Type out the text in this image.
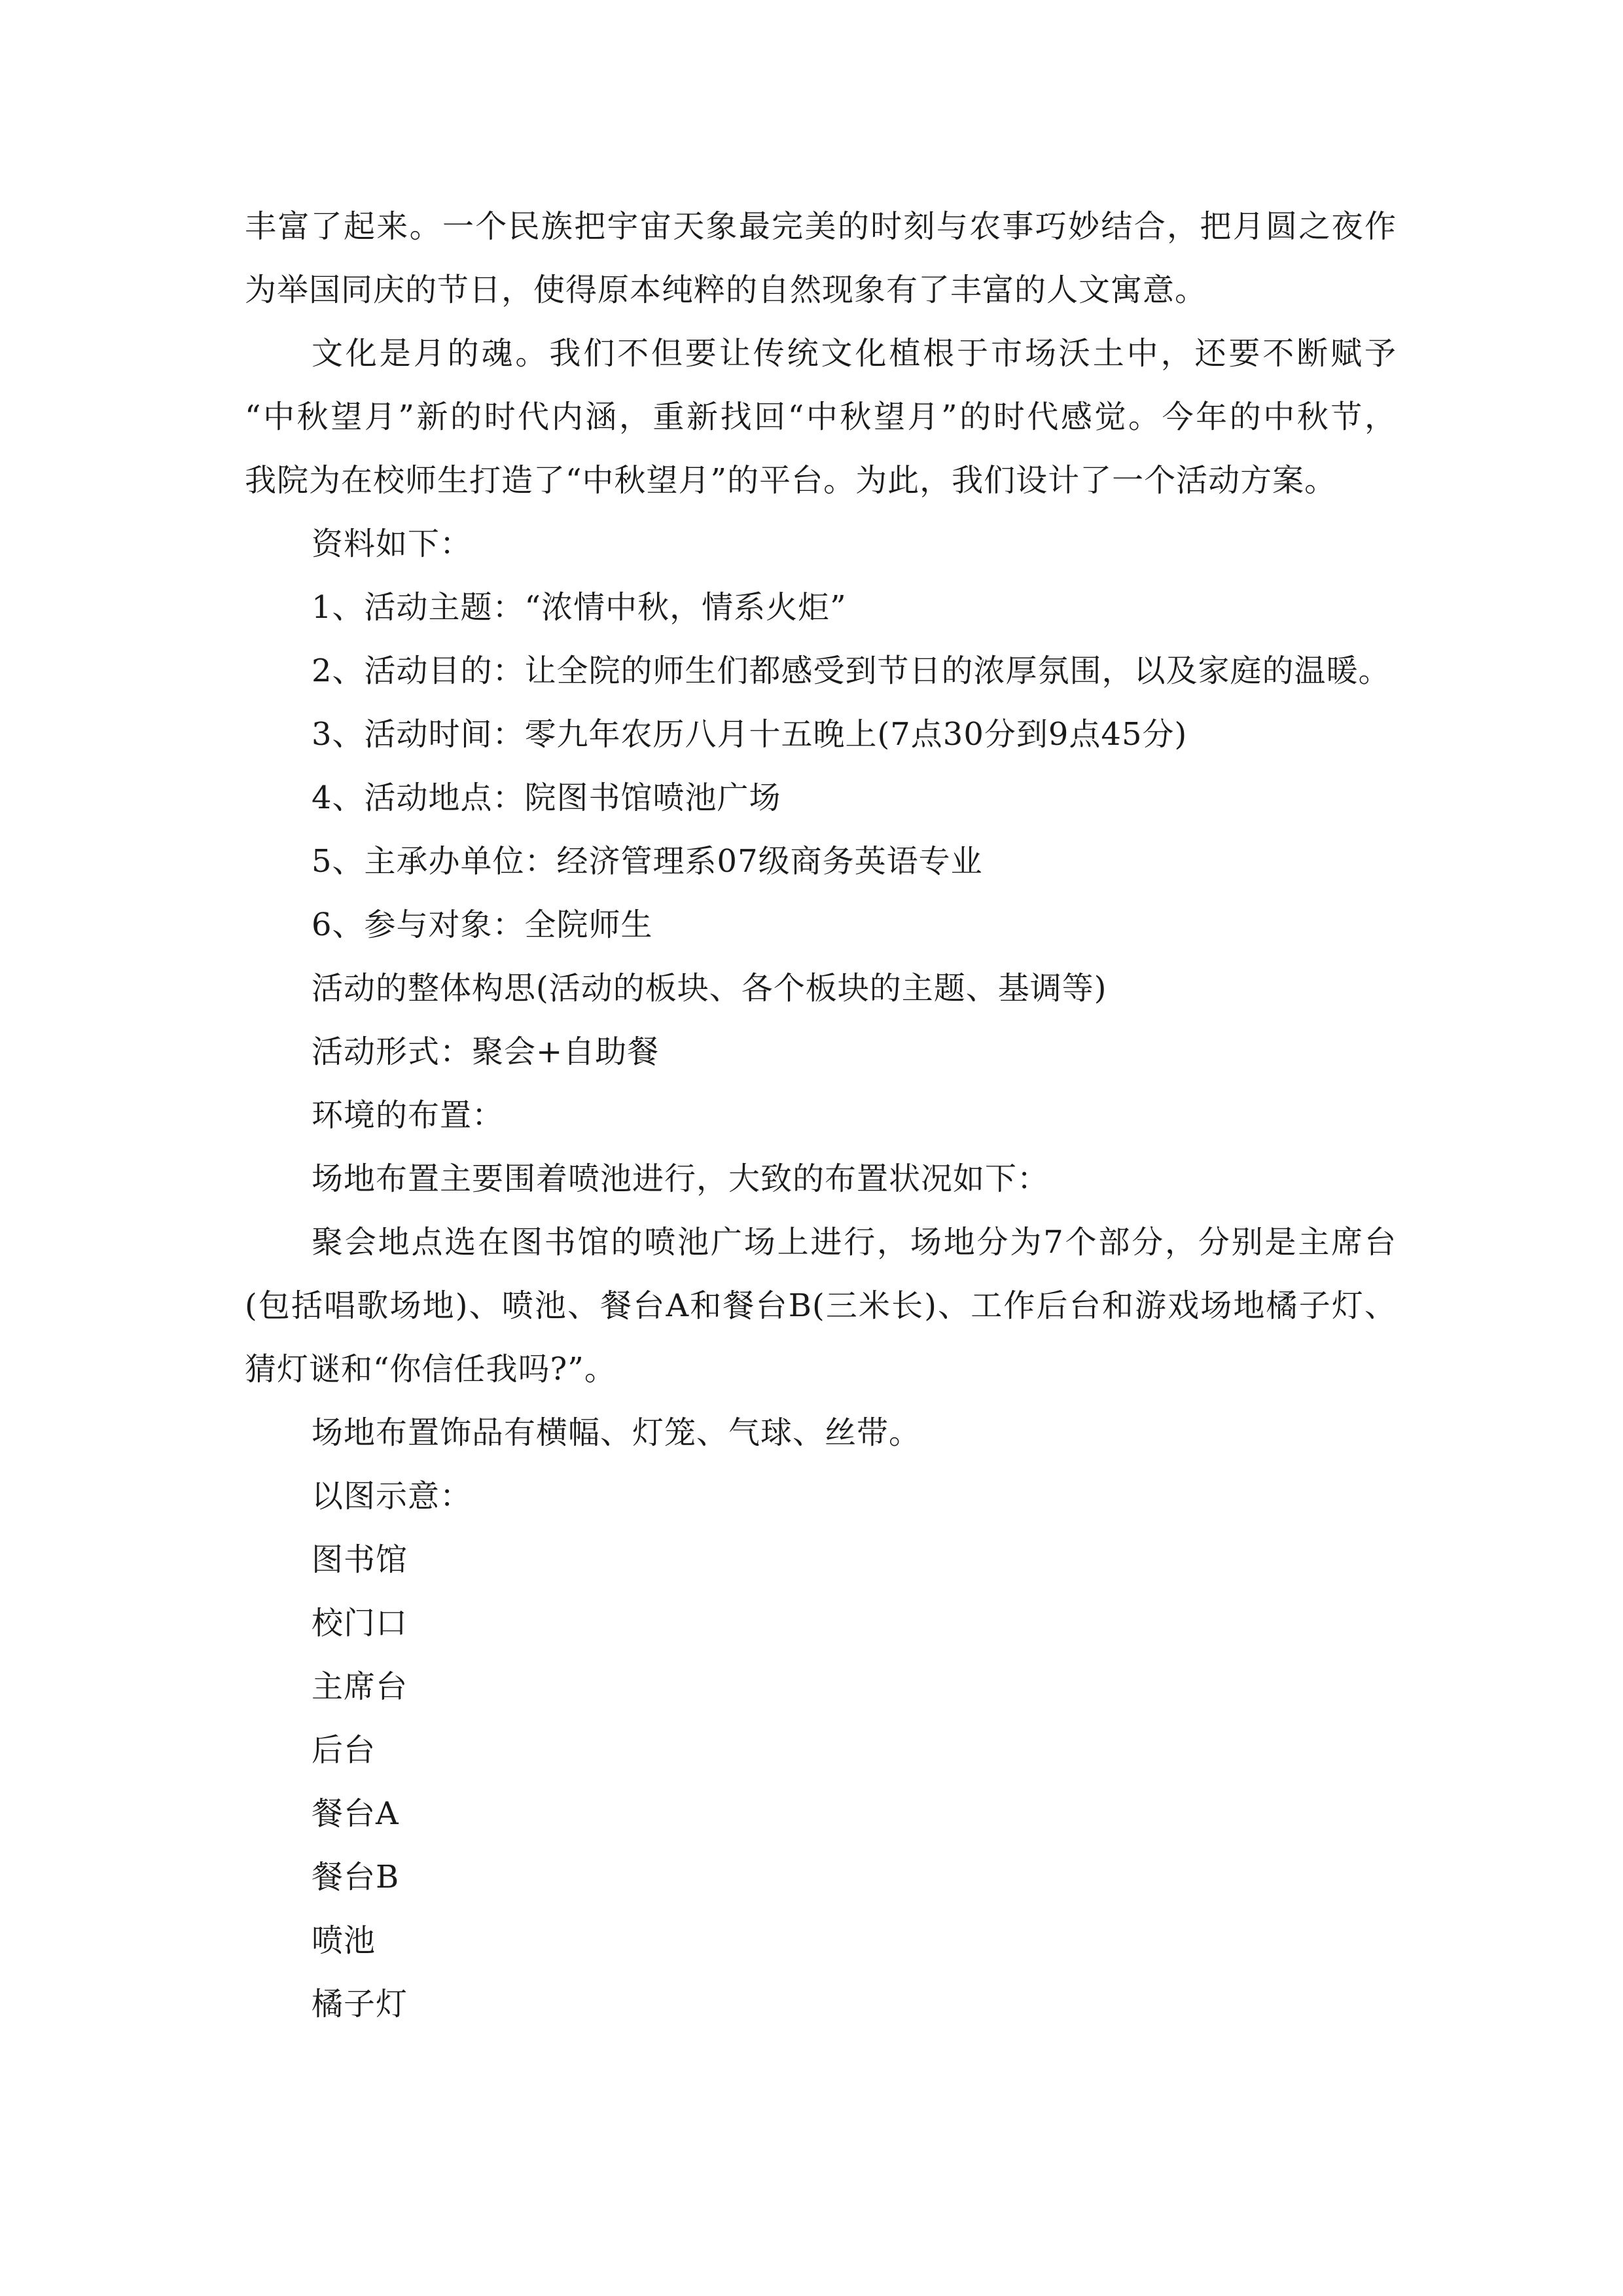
丰富了起来。一个民族把宇宙天象最完美的时刻与农事巧妙结合，把月圆之夜作
为举国同庆的节日，使得原本纯粹的自然现象有了丰富的人文寓意。
文化是月的魂。我们不但要让传统文化植根于市场沃土中，还要不断赋予
“中秋望月”新的时代内涵，重新找回“中秋望月”的时代感觉。今年的中秋节，
我院为在校师生打造了“中秋望月”的平台。为此，我们设计了一个活动方案。
资料如下：
1、活动主题：“浓情中秋，情系火炬”
2、活动目的：让全院的师生们都感受到节日的浓厚氛围，以及家庭的温暖。
3、活动时间：零九年农历八月十五晚上(7点30分到9点45分)
4、活动地点：院图书馆喷池广场
5、主承办单位：经济管理系07级商务英语专业
6、参与对象：全院师生
活动的整体构思(活动的板块、各个板块的主题、基调等)
活动形式：聚会+自助餐
环境的布置：
场地布置主要围着喷池进行，大致的布置状况如下：
聚会地点选在图书馆的喷池广场上进行，场地分为7个部分，分别是主席台
(包括唱歌场地)、喷池、餐台A和餐台B(三米长)、工作后台和游戏场地橘子灯、
猜灯谜和“你信任我吗?”。
场地布置饰品有横幅、灯笼、气球、丝带。
以图示意：
图书馆
校门口
主席台
后台
餐台A
餐台B
喷池
橘子灯
